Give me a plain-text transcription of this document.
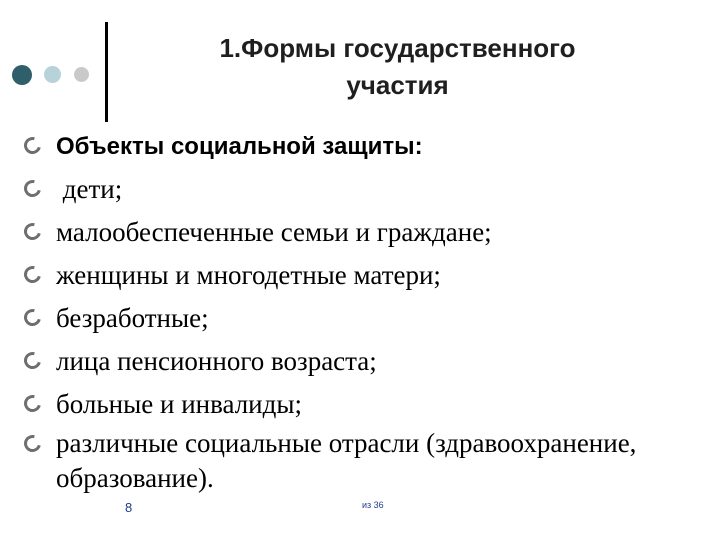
1.Формы государственного
участия
Объекты социальной защиты:
дети;
малообеспеченные семьи и граждане;
женщины и многодетные матери;
безработные;
лица пенсионного возраста;
больные и инвалиды;
различные социальные отрасли (здравоохранение, образование).
8	из 36
